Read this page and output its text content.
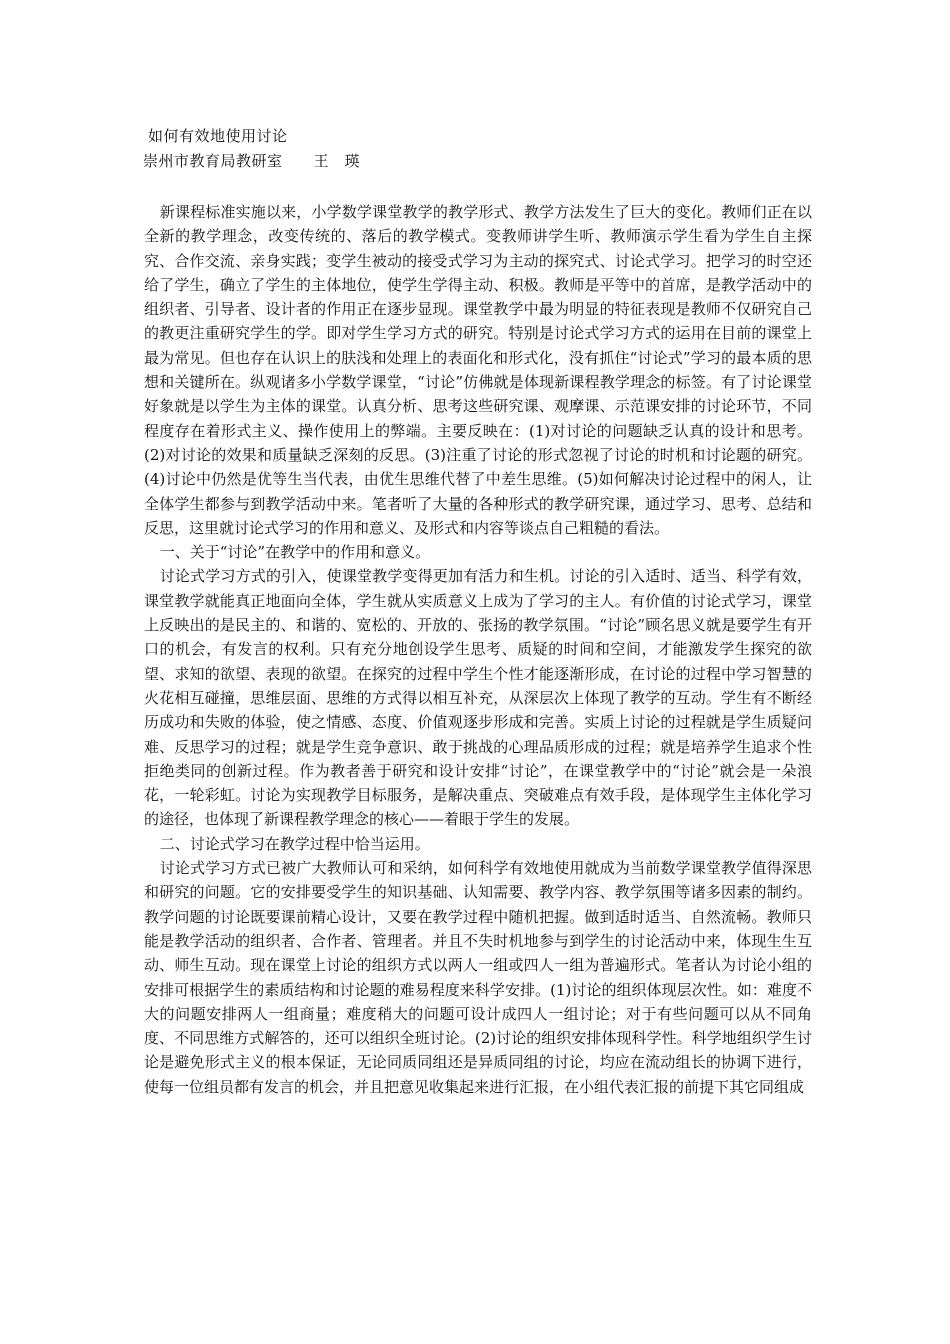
如何有效地使用讨论
崇州市教育局教研室　　王　瑛

新课程标准实施以来，小学数学课堂教学的教学形式、教学方法发生了巨大的变化。教师们正在以全新的教学理念，改变传统的、落后的教学模式。变教师讲学生听、教师演示学生看为学生自主探究、合作交流、亲身实践；变学生被动的接受式学习为主动的探究式、讨论式学习。把学习的时空还给了学生，确立了学生的主体地位，使学生学得主动、积极。教师是平等中的首席，是教学活动中的组织者、引导者、设计者的作用正在逐步显现。课堂教学中最为明显的特征表现是教师不仅研究自己的教更注重研究学生的学。即对学生学习方式的研究。特别是讨论式学习方式的运用在目前的课堂上最为常见。但也存在认识上的肤浅和处理上的表面化和形式化，没有抓住“讨论式”学习的最本质的思想和关键所在。纵观诸多小学数学课堂，“讨论”仿佛就是体现新课程教学理念的标签。有了讨论课堂好象就是以学生为主体的课堂。认真分析、思考这些研究课、观摩课、示范课安排的讨论环节，不同程度存在着形式主义、操作使用上的弊端。主要反映在：(1)对讨论的问题缺乏认真的设计和思考。(2)对讨论的效果和质量缺乏深刻的反思。(3)注重了讨论的形式忽视了讨论的时机和讨论题的研究。(4)讨论中仍然是优等生当代表，由优生思维代替了中差生思维。(5)如何解决讨论过程中的闲人，让全体学生都参与到教学活动中来。笔者听了大量的各种形式的教学研究课，通过学习、思考、总结和反思，这里就讨论式学习的作用和意义、及形式和内容等谈点自己粗糙的看法。

一、关于“讨论”在教学中的作用和意义。

讨论式学习方式的引入，使课堂教学变得更加有活力和生机。讨论的引入适时、适当、科学有效，课堂教学就能真正地面向全体，学生就从实质意义上成为了学习的主人。有价值的讨论式学习，课堂上反映出的是民主的、和谐的、宽松的、开放的、张扬的教学氛围。“讨论”顾名思义就是要学生有开口的机会，有发言的权利。只有充分地创设学生思考、质疑的时间和空间，才能激发学生探究的欲望、求知的欲望、表现的欲望。在探究的过程中学生个性才能逐渐形成，在讨论的过程中学习智慧的火花相互碰撞，思维层面、思维的方式得以相互补充，从深层次上体现了教学的互动。学生有不断经历成功和失败的体验，使之情感、态度、价值观逐步形成和完善。实质上讨论的过程就是学生质疑问难、反思学习的过程；就是学生竞争意识、敢于挑战的心理品质形成的过程；就是培养学生追求个性拒绝类同的创新过程。作为教者善于研究和设计安排“讨论”，在课堂教学中的“讨论”就会是一朵浪花，一轮彩虹。讨论为实现教学目标服务，是解决重点、突破难点有效手段，是体现学生主体化学习的途径，也体现了新课程教学理念的核心——着眼于学生的发展。

二、讨论式学习在教学过程中恰当运用。

讨论式学习方式已被广大教师认可和采纳，如何科学有效地使用就成为当前数学课堂教学值得深思和研究的问题。它的安排要受学生的知识基础、认知需要、教学内容、教学氛围等诸多因素的制约。教学问题的讨论既要课前精心设计，又要在教学过程中随机把握。做到适时适当、自然流畅。教师只能是教学活动的组织者、合作者、管理者。并且不失时机地参与到学生的讨论活动中来，体现生生互动、师生互动。现在课堂上讨论的组织方式以两人一组或四人一组为普遍形式。笔者认为讨论小组的安排可根据学生的素质结构和讨论题的难易程度来科学安排。(1)讨论的组织体现层次性。如：难度不大的问题安排两人一组商量；难度稍大的问题可设计成四人一组讨论；对于有些问题可以从不同角度、不同思维方式解答的，还可以组织全班讨论。(2)讨论的组织安排体现科学性。科学地组织学生讨论是避免形式主义的根本保证，无论同质同组还是异质同组的讨论，均应在流动组长的协调下进行，使每一位组员都有发言的机会，并且把意见收集起来进行汇报，在小组代表汇报的前提下其它同组成
